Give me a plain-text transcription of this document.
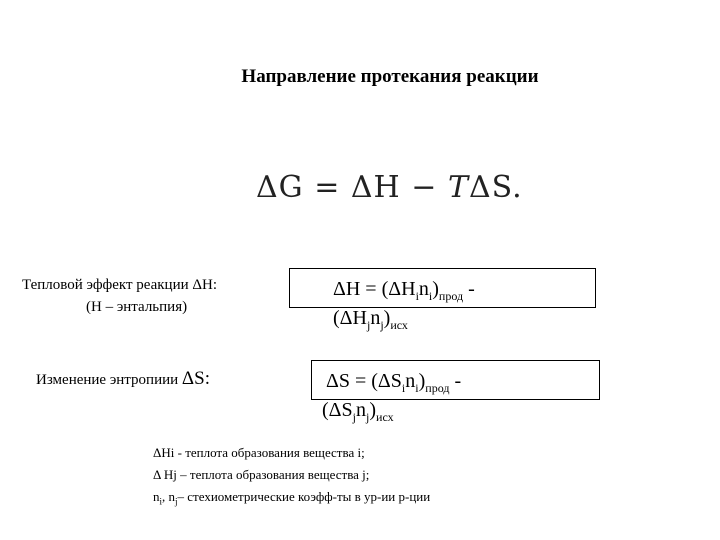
Направление протекания реакции
ΔG = ΔH − TΔS.
Тепловой эффект реакции ΔH:
(H – энтальпия)
Изменение энтропиии ΔS:
$\Delta H = (\Delta H_in_i)_{прод}$ -
$(\Delta H_jn_j)_{исх}$
$\Delta S = (\Delta S_in_i)_{прод}$ -
$(\Delta S_jn_j)_{исх}$
ΔHi - теплота образования вещества i;
Δ Hj – теплота образования вещества j;
$n_i$, $n_j-$ стехиометрические коэфф-ты в ур-ии р-ции
